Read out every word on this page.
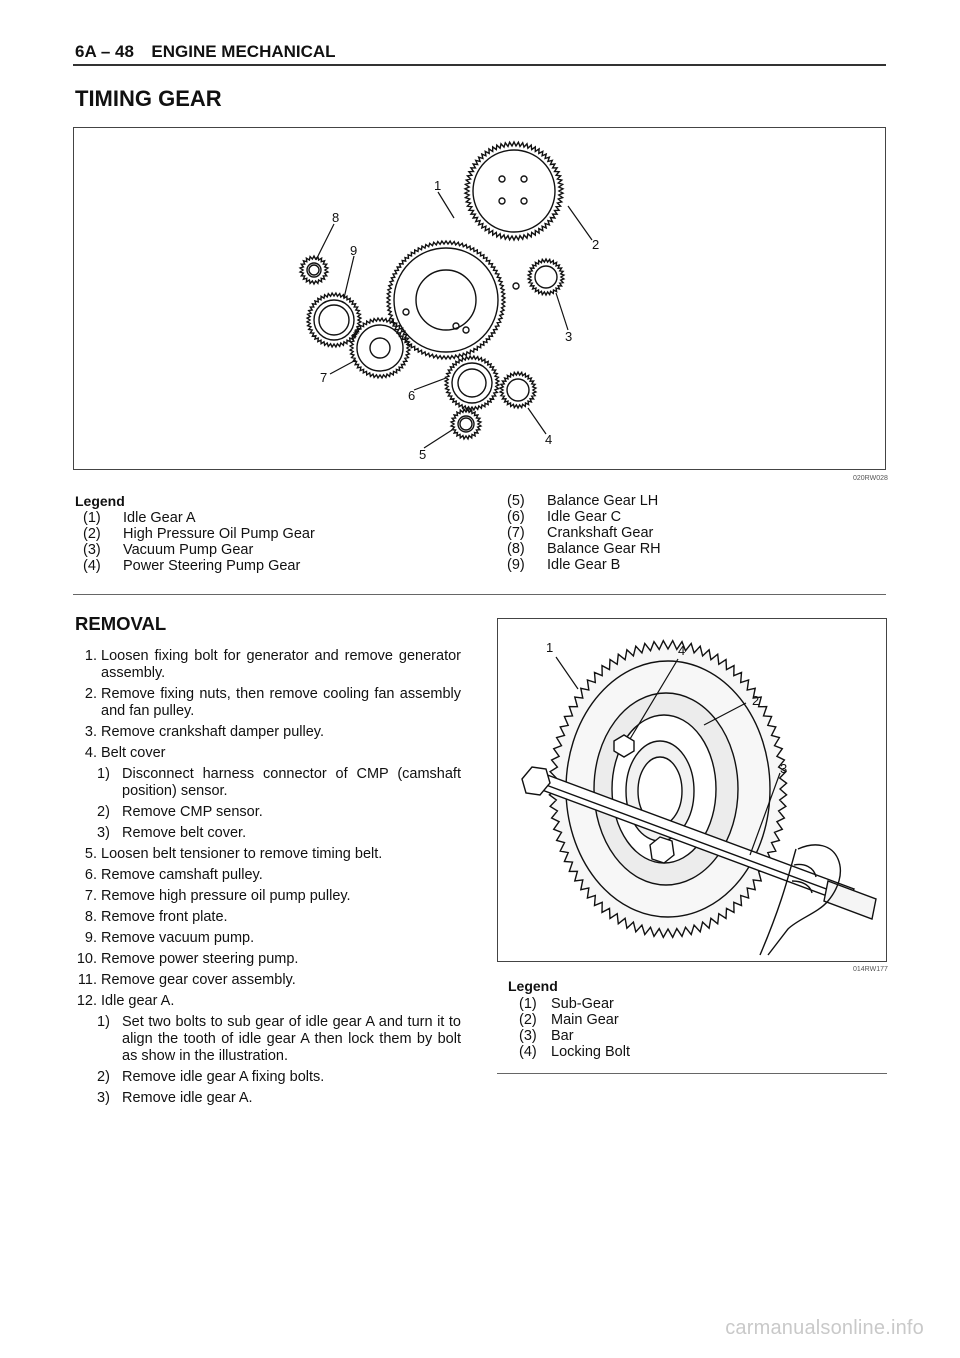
6A – 48 ENGINE MECHANICAL
TIMING GEAR
1
2
3
4
5
6
7
8
9
020RW028
Legend
(1) Idle Gear A
(2) High Pressure Oil Pump Gear
(3) Vacuum Pump Gear
(4) Power Steering Pump Gear
(5) Balance Gear LH
(6) Idle Gear C
(7) Crankshaft Gear
(8) Balance Gear RH
(9) Idle Gear B
REMOVAL
1. Loosen fixing bolt for generator and remove generator assembly.
2. Remove fixing nuts, then remove cooling fan assembly and fan pulley.
3. Remove crankshaft damper pulley.
4. Belt cover
1) Disconnect harness connector of CMP (camshaft position) sensor.
2) Remove CMP sensor.
3) Remove belt cover.
5. Loosen belt tensioner to remove timing belt.
6. Remove camshaft pulley.
7. Remove high pressure oil pump pulley.
8. Remove front plate.
9. Remove vacuum pump.
10. Remove power steering pump.
11. Remove gear cover assembly.
12. Idle gear A.
1) Set two bolts to sub gear of idle gear A and turn it to align the tooth of idle gear A then lock them by bolt as show in the illustration.
2) Remove idle gear A fixing bolts.
3) Remove idle gear A.
1	4
2
3
014RW177
Legend
(1) Sub-Gear
(2) Main Gear
(3) Bar
(4) Locking Bolt
carmanualsonline.info
